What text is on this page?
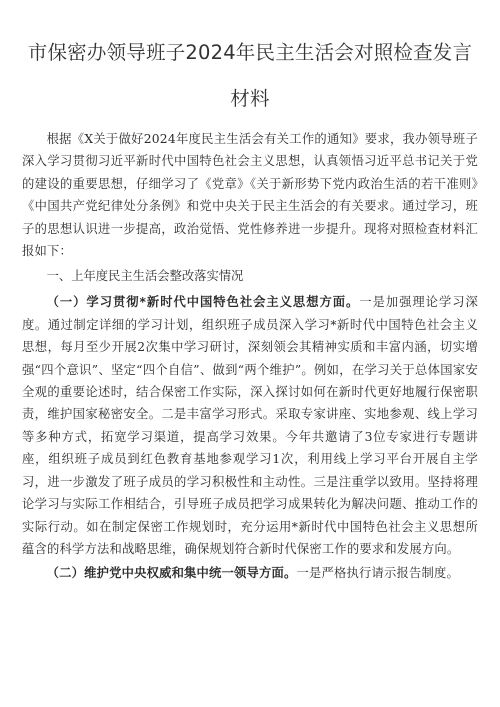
市保密办领导班子2024年民主生活会对照检查发言材料

根据《X关于做好2024年度民主生活会有关工作的通知》要求，我办领导班子深入学习贯彻习近平新时代中国特色社会主义思想，认真领悟习近平总书记关于党的建设的重要思想，仔细学习了《党章》《关于新形势下党内政治生活的若干准则》《中国共产党纪律处分条例》和党中央关于民主生活会的有关要求。通过学习，班子的思想认识进一步提高，政治觉悟、党性修养进一步提升。现将对照检查材料汇报如下：

一、上年度民主生活会整改落实情况

（一）学习贯彻*新时代中国特色社会主义思想方面。一是加强理论学习深度。通过制定详细的学习计划，组织班子成员深入学习*新时代中国特色社会主义思想，每月至少开展2次集中学习研讨，深刻领会其精神实质和丰富内涵，切实增强“四个意识”、坚定“四个自信”、做到“两个维护”。例如，在学习关于总体国家安全观的重要论述时，结合保密工作实际，深入探讨如何在新时代更好地履行保密职责，维护国家秘密安全。二是丰富学习形式。采取专家讲座、实地参观、线上学习等多种方式，拓宽学习渠道，提高学习效果。今年共邀请了3位专家进行专题讲座，组织班子成员到红色教育基地参观学习1次，利用线上学习平台开展自主学习，进一步激发了班子成员的学习积极性和主动性。三是注重学以致用。坚持将理论学习与实际工作相结合，引导班子成员把学习成果转化为解决问题、推动工作的实际行动。如在制定保密工作规划时，充分运用*新时代中国特色社会主义思想所蕴含的科学方法和战略思维，确保规划符合新时代保密工作的要求和发展方向。

（二）维护党中央权威和集中统一领导方面。一是严格执行请示报告制度。
